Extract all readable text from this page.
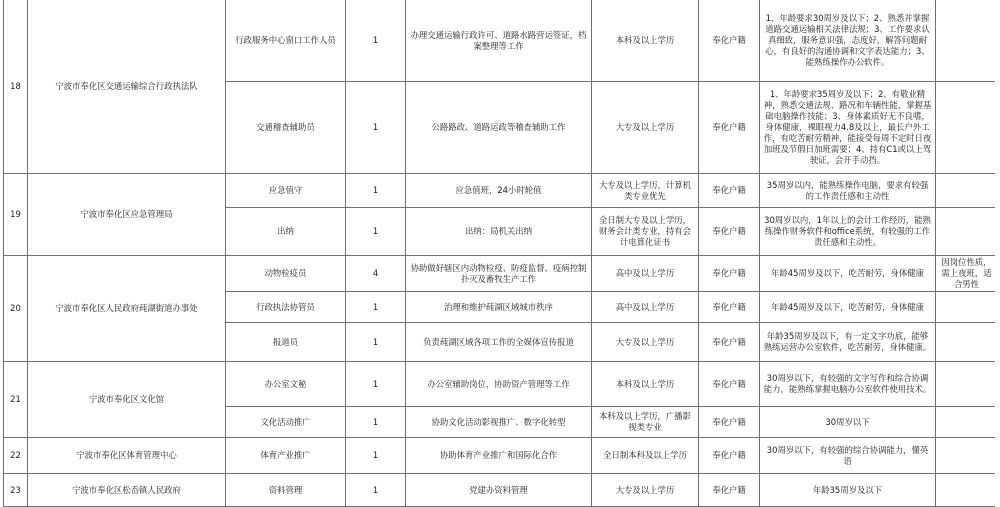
18	宁波市奉化区交通运输综合行政执法队	行政服务中心窗口工作人员	1	办理交通运输行政许可、道路水路营运签证，档案整理等工作	本科及以上学历	奉化户籍	1、年龄要求30周岁及以下；2、熟悉并掌握道路交通运输相关法律法规；3、工作要求认真细致，服务意识强，态度好，解答问题耐心，有良好的沟通协调和文字表达能力；3、能熟练操作办公软件。	
		交通稽查辅助员	1	公路路政、道路运政等稽查辅助工作	大专及以上学历	奉化户籍	1、年龄要求35周岁及以下；2、有敬业精神，熟悉交通法规、路况和车辆性能，掌握基础电脑操作技能；3、身体素质好无不良嗜，身体健康，裸眼视力4.8及以上，最长户外工作，有吃苦耐劳精神，能接受每周不定时日夜加班及节假日加班需要；4、持有C1或以上驾驶证，会开手动挡。	
19	宁波市奉化区应急管理局	应急值守	1	应急值班，24小时轮值	大专及以上学历，计算机类专业优先	奉化户籍	35周岁以内，能熟练操作电脑，要求有较强的工作责任感和主动性	
		出纳	1	出纳：局机关出纳	全日制大专及以上学历，财务会计类专业，持有会计电算化证书	奉化户籍	30周岁以内，1年以上的会计工作经历，能熟练操作财务软件和office系统，有较强的工作责任感和主动性。	
20	宁波市奉化区人民政府莼湖街道办事处	动物检疫员	4	协助做好辖区内动物检疫、防疫监督、疫病控制扑灭及畜牧生产工作	高中及以上学历	奉化户籍	年龄45周岁及以下，吃苦耐劳，身体健康	因岗位性质，需上夜班，适合男性
		行政执法协管员	1	治理和维护莼湖区域城市秩序	高中及以上学历	奉化户籍	年龄45周岁及以下，吃苦耐劳，身体健康	
		报道员	1	负责莼湖区域各项工作的全媒体宣传报道	大专及以上学历	奉化户籍	年龄35周岁及以下，有一定文字功底，能够熟练运营办公室软件，吃苦耐劳，身体健康。	
21	宁波市奉化区文化馆	办公室文秘	1	办公室辅助岗位，协助资产管理等工作	本科及以上学历	奉化户籍	30周岁以下，有较强的文字写作和综合协调能力，能熟练掌握电脑办公室软件使用技术。	
		文化活动推广	1	协助文化活动影视推广、数字化转型	本科及以上学历，广播影视类专业	奉化户籍	30周岁以下	
22	宁波市奉化区体育管理中心	体育产业推广	1	协助体育产业推广和国际化合作	全日制本科及以上学历	奉化户籍	30周岁以下，有较强的综合协调能力，懂英语	
23	宁波市奉化区松岙镇人民政府	资料管理	1	党建办资料管理	大专及以上学历	奉化户籍	年龄35周岁及以下	
